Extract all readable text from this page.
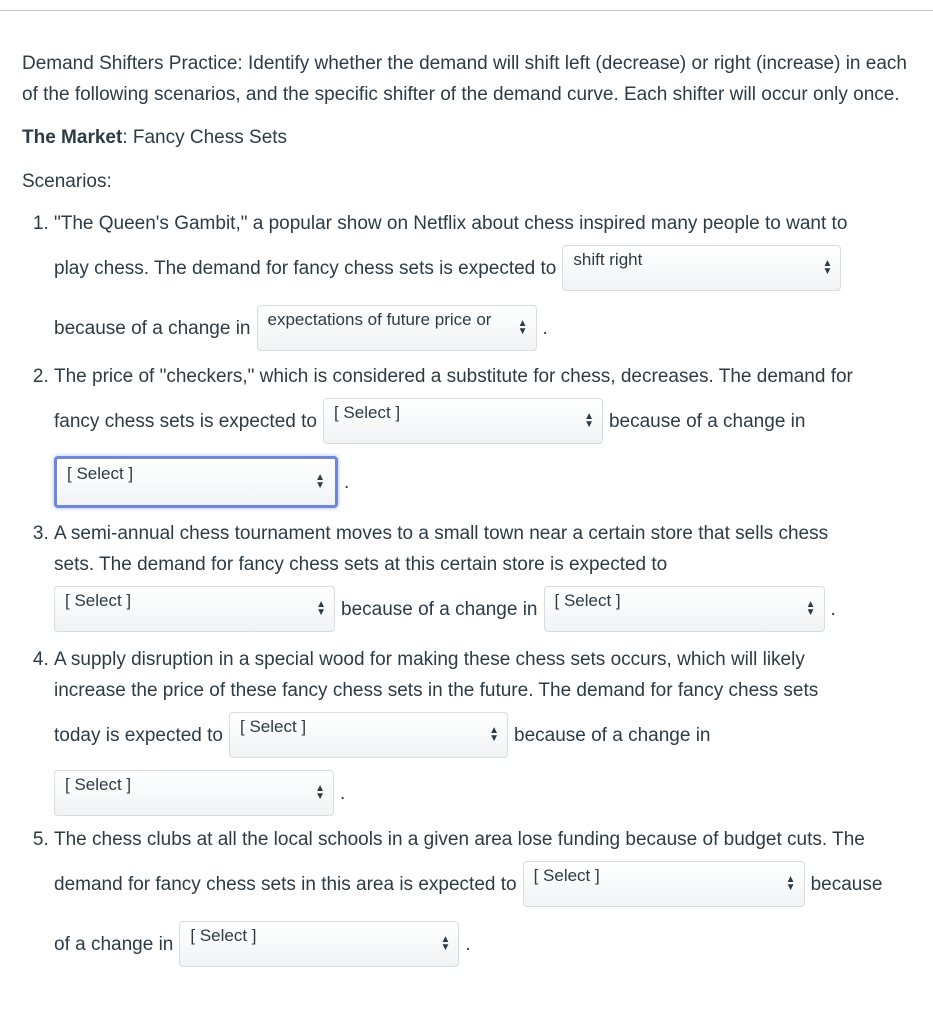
Demand Shifters Practice: Identify whether the demand will shift left (decrease) or right (increase) in each of the following scenarios, and the specific shifter of the demand curve. Each shifter will occur only once.

The Market: Fancy Chess Sets

Scenarios:

1. "The Queen's Gambit," a popular show on Netflix about chess inspired many people to want to
play chess. The demand for fancy chess sets is expected to shift right	▲
▼
because of a change in expectations of future price or	▲
▼ .
2. The price of "checkers," which is considered a substitute for chess, decreases. The demand for
fancy chess sets is expected to [ Select ]	▲
▼ because of a change in
[ Select ]	▲
▼ .
3. A semi-annual chess tournament moves to a small town near a certain store that sells chess
sets. The demand for fancy chess sets at this certain store is expected to
[ Select ]	▲
▼ because of a change in [ Select ]	▲
▼ .
4. A supply disruption in a special wood for making these chess sets occurs, which will likely
increase the price of these fancy chess sets in the future. The demand for fancy chess sets
today is expected to [ Select ]	▲
▼ because of a change in
[ Select ]	▲
▼ .
5. The chess clubs at all the local schools in a given area lose funding because of budget cuts. The
demand for fancy chess sets in this area is expected to [ Select ]	▲
▼ because
of a change in [ Select ]	▲
▼ .
